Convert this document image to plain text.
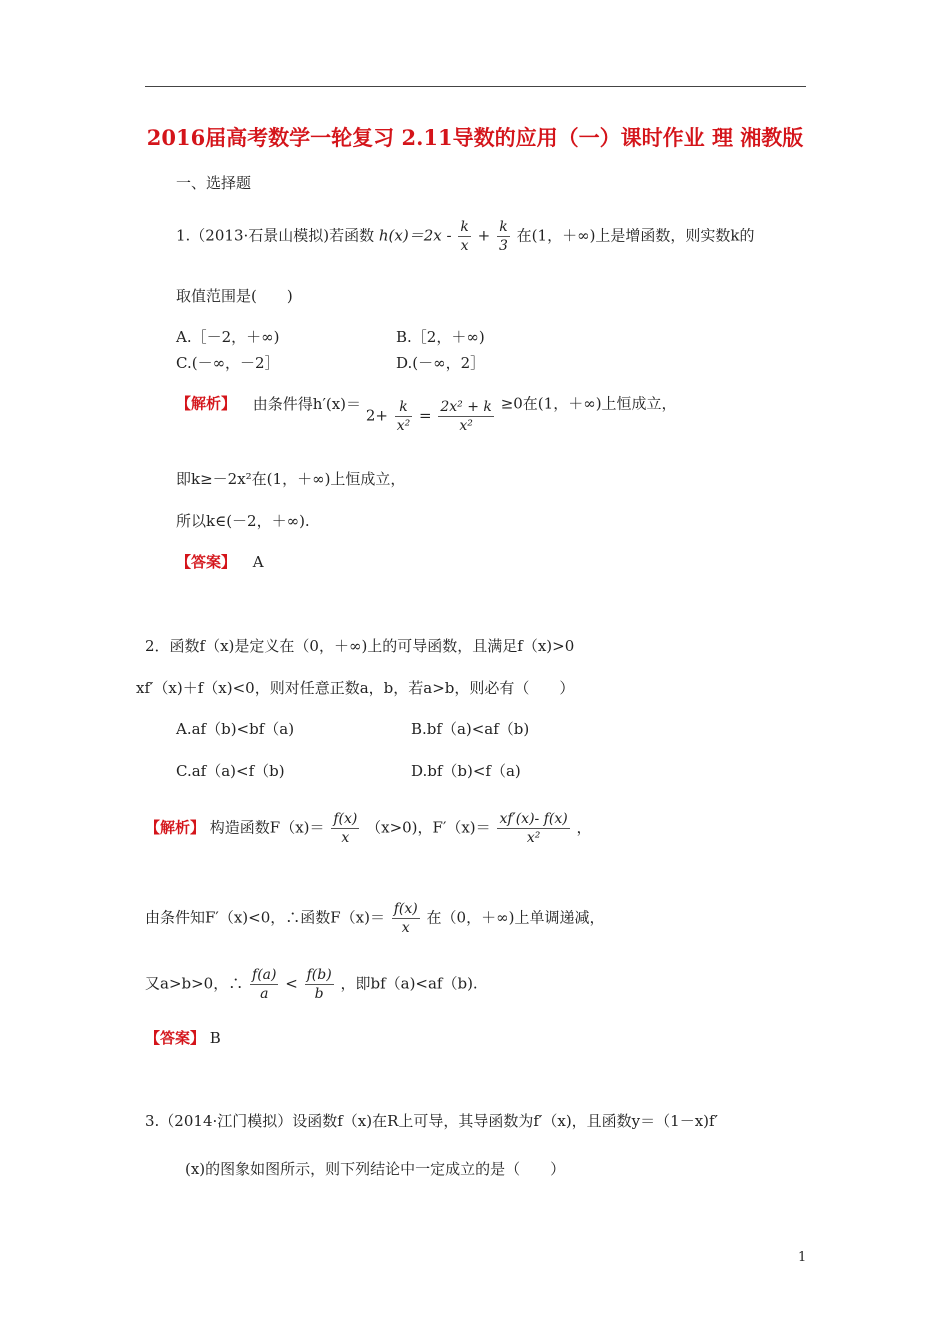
2016届高考数学一轮复习 2.11导数的应用（一）课时作业 理 湘教版
一、选择题
1.（2013·石景山模拟)若函数 $h(x)=2x - \frac{k}{x} + \frac{k}{3}$ 在(1，＋∞)上是增函数，则实数k的
取值范围是(　　)
A.［－2，＋∞)	B.［2，＋∞)
C.(－∞，－2］	D.(－∞，2］
【解析】 由条件得$h'(x)= 2+ \frac{k}{\text{x²}} = \frac{\text{2x² + k}}{\text{x²}} \ge 0$在(1，＋∞)上恒成立，
即k≥－2x²在(1，＋∞)上恒成立，
所以k∈(－2，＋∞).
【答案】 A
2．函数f（x)是定义在（0，＋∞)上的可导函数，且满足f（x)>0
xf′（x)＋f（x)<0，则对任意正数a，b，若a>b，则必有（　　）
A.af（b)<bf（a)	B.bf（a)<af（b)
C.af（a)<f（b)	D.bf（b)<f（a)
【解析】 构造函数$F(x)= \frac{f(x)}{x} (x>0)$，$F'(x)= \frac{xf'(x)- f(x)}{\text{x²}}$ ，
由条件知F′（x)<0，∴函数$F(x)= \frac{f(x)}{x}$ 在（0，＋∞)上单调递减，
又a>b>0，∴ $\frac{f(a)}{a} < \frac{f(b)}{b}$ ，即bf（a)<af（b).
【答案】 B
3.（2014·江门模拟）设函数f（x)在R上可导，其导函数为f′（x)，且函数y＝（1－x)f′
(x)的图象如图所示，则下列结论中一定成立的是（　　）
1
